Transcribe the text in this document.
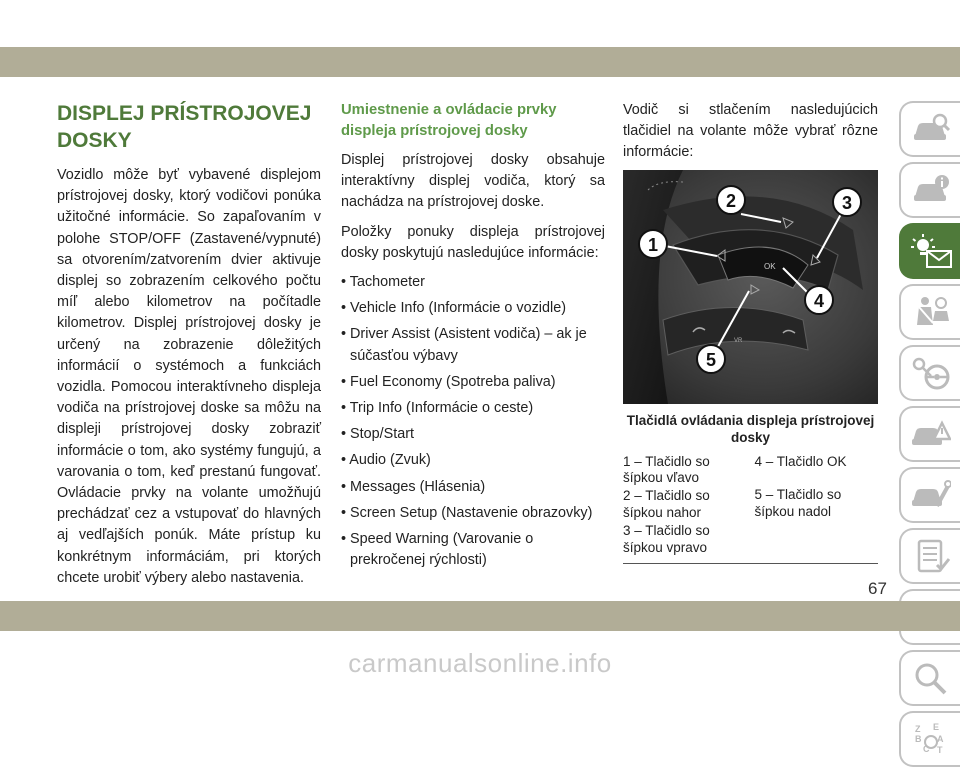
DISPLEJ PRÍSTROJOVEJ DOSKY

Vozidlo môže byť vybavené displejom prístrojovej dosky, ktorý vodičovi ponúka užitočné informácie. So zapaľovaním v polohe STOP/OFF (Zastavené/vypnuté) sa otvorením/zatvorením dvier aktivuje displej so zobrazením celkového počtu míľ alebo kilometrov na počítadle kilometrov. Displej prístrojovej dosky je určený na zobrazenie dôležitých informácií o systémoch a funkciách vozidla. Pomocou interaktívneho displeja vodiča na prístrojovej doske sa môžu na displeji prístrojovej dosky zobraziť informácie o tom, ako systémy fungujú, a varovania o tom, keď prestanú fungovať. Ovládacie prvky na volante umožňujú prechádzať cez a vstupovať do hlavných aj vedľajších ponúk. Máte prístup ku konkrétnym informáciám, pri ktorých chcete urobiť výbery alebo nastavenia.

Umiestnenie a ovládacie prvky displeja prístrojovej dosky

Displej prístrojovej dosky obsahuje interaktívny displej vodiča, ktorý sa nachádza na prístrojovej doske.

Položky ponuky displeja prístrojovej dosky poskytujú nasledujúce informácie:

• Tachometer
• Vehicle Info (Informácie o vozidle)
• Driver Assist (Asistent vodiča) – ak je súčasťou výbavy
• Fuel Economy (Spotreba paliva)
• Trip Info (Informácie o ceste)
• Stop/Start
• Audio (Zvuk)
• Messages (Hlásenia)
• Screen Setup (Nastavenie obrazovky)
• Speed Warning (Varovanie o prekročenej rýchlosti)

Vodič si stlačením nasledujúcich tlačidiel na volante môže vybrať rôzne informácie:

OK
VR
1
2	3
4
5
Tlačidlá ovládania displeja prístrojovej dosky
1 – Tlačidlo so šípkou vľavo
2 – Tlačidlo so šípkou nahor
3 – Tlačidlo so šípkou vpravo
4 – Tlačidlo OK
5 – Tlačidlo so šípkou nadol
Z E
B A
C T
67
carmanualsonline.info
